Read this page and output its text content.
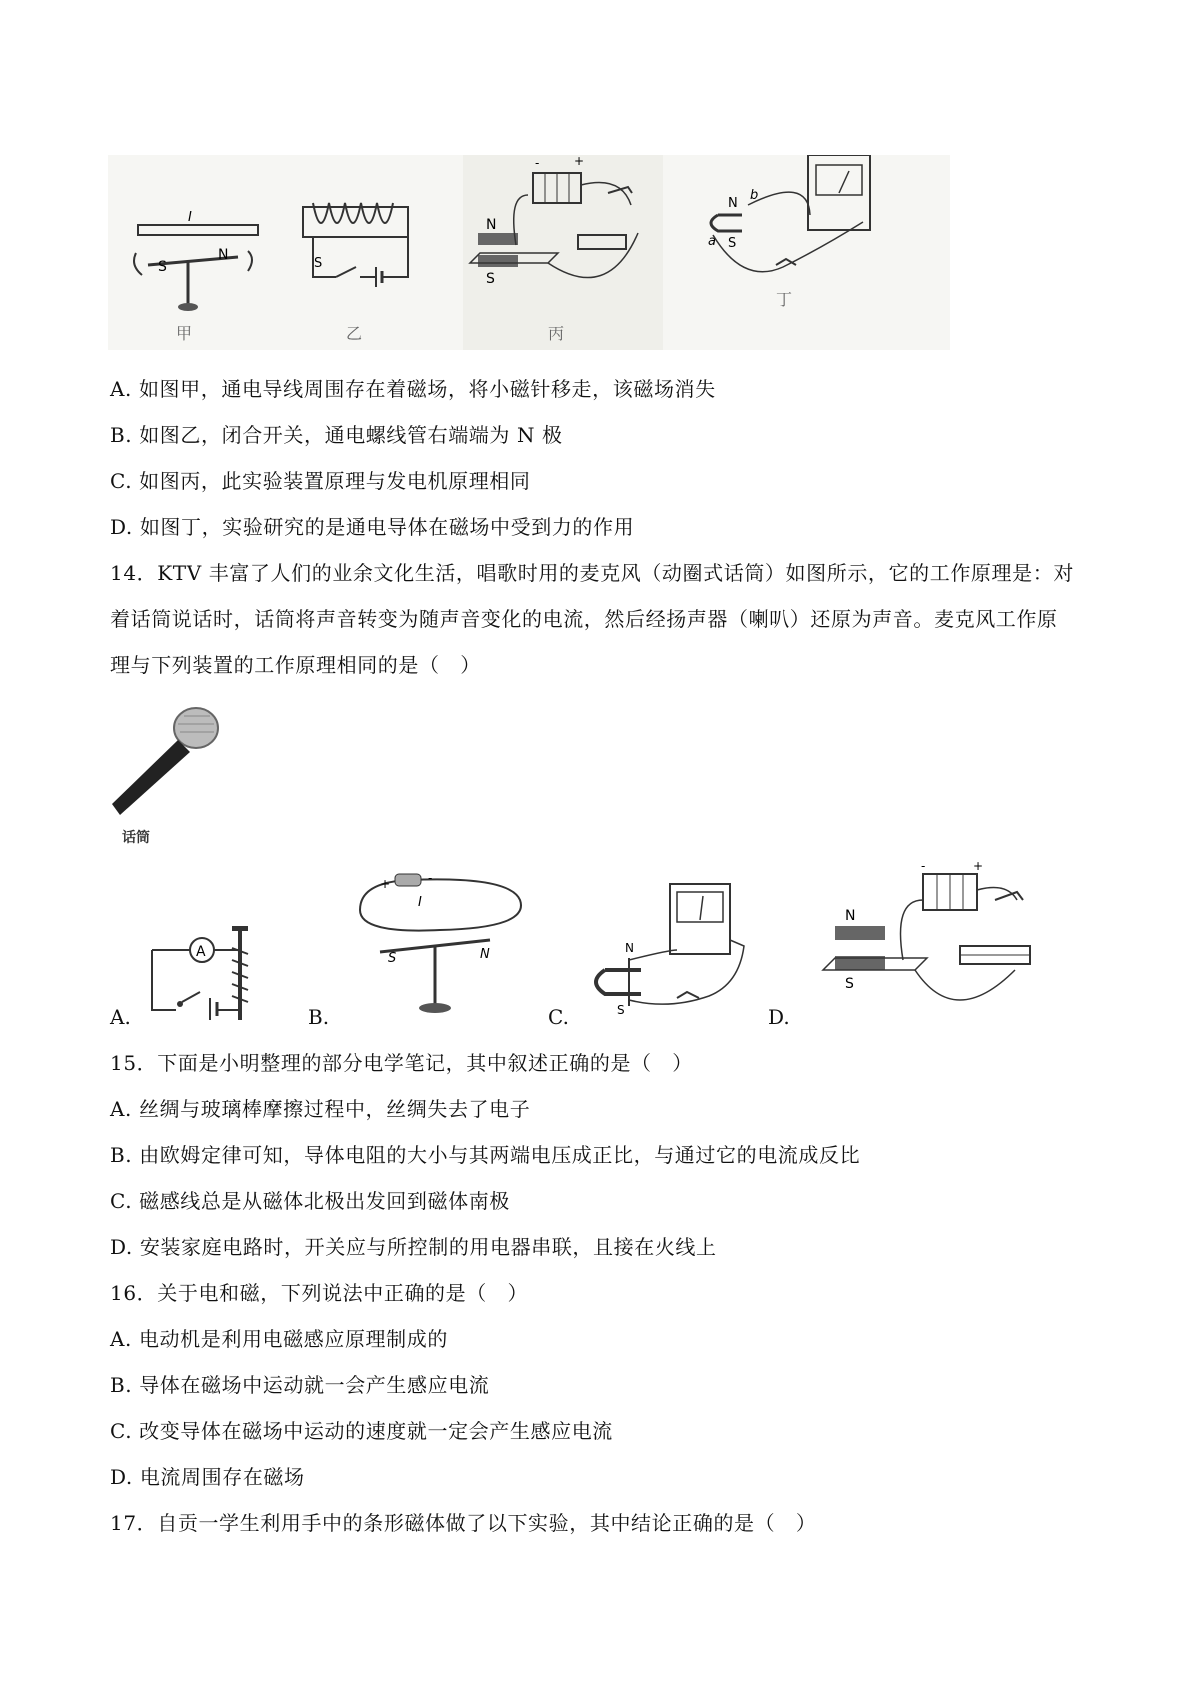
I
S
N
甲
S
乙
-	+
N
S
丙
N
S
a
b
丁
A. 如图甲，通电导线周围存在着磁场，将小磁针移走，该磁场消失
B. 如图乙，闭合开关，通电螺线管右端端为 N 极
C. 如图丙，此实验装置原理与发电机原理相同
D. 如图丁，实验研究的是通电导体在磁场中受到力的作用
14．KTV 丰富了人们的业余文化生活，唱歌时用的麦克风（动圈式话筒）如图所示，它的工作原理是：对
着话筒说话时，话筒将声音转变为随声音变化的电流，然后经扬声器（喇叭）还原为声音。麦克风工作原
理与下列装置的工作原理相同的是（　）
话筒
A
A.
+	-
I
S	N
B.
N
S
C.
-	+
N
S
D.
15．下面是小明整理的部分电学笔记，其中叙述正确的是（　）
A. 丝绸与玻璃棒摩擦过程中，丝绸失去了电子
B. 由欧姆定律可知，导体电阻的大小与其两端电压成正比，与通过它的电流成反比
C. 磁感线总是从磁体北极出发回到磁体南极
D. 安装家庭电路时，开关应与所控制的用电器串联，且接在火线上
16．关于电和磁，下列说法中正确的是（　）
A. 电动机是利用电磁感应原理制成的
B. 导体在磁场中运动就一会产生感应电流
C. 改变导体在磁场中运动的速度就一定会产生感应电流
D. 电流周围存在磁场
17．自贡一学生利用手中的条形磁体做了以下实验，其中结论正确的是（　）
